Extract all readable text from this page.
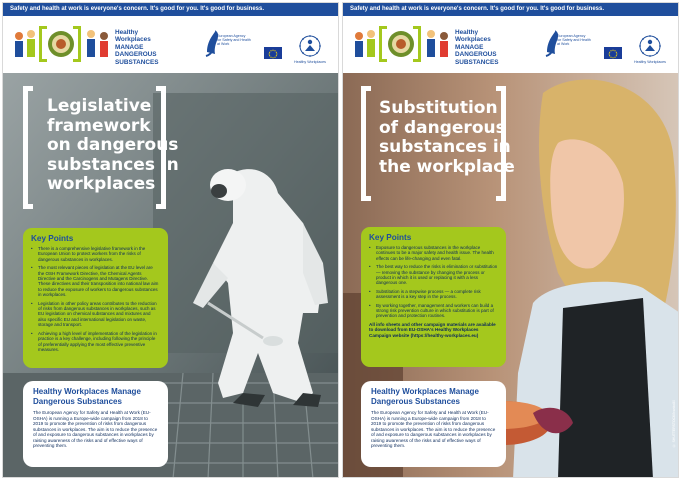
Safety and health at work is everyone's concern. It's good for you. It's good for business.
Healthy
Workplaces
MANAGE
DANGEROUS
SUBSTANCES
European Agency
for Safety and Health
at Work
Healthy Workplaces
Legislative
framework
on dangerous
substances in
workplaces
Key Points
• There is a comprehensive legislative framework in the European Union to protect workers from the risks of dangerous substances in workplaces.
• The most relevant pieces of legislation at the EU level are the OSH Framework Directive, the Chemical Agents Directive and the Carcinogens and Mutagens Directive. These directives and their transposition into national law aim to reduce the exposure of workers to dangerous substances in workplaces.
• Legislation in other policy areas contributes to the reduction of risks from dangerous substances in workplaces, such as EU legislation on chemical substances and mixtures and also specific EU and international legislation on waste, storage and transport.
• Achieving a high level of implementation of the legislation in practice is a key challenge, including following the principle of preferentially applying the most effective preventive measures.
Healthy Workplaces Manage
Dangerous Substances

The European Agency for Safety and Health at Work (EU-OSHA) is running a Europe-wide campaign from 2018 to 2019 to promote the prevention of risks from dangerous substances in workplaces. The aim is to reduce the presence of and exposure to dangerous substances in workplaces by raising awareness of the risks and of effective ways of preventing them.

Safety and health at work is everyone's concern. It's good for you. It's good for business.
Healthy
Workplaces
MANAGE
DANGEROUS
SUBSTANCES
European Agency
for Safety and Health
at Work
Healthy Workplaces
Substitution
of dangerous
substances in
the workplace
Key Points
• Exposure to dangerous substances in the workplace continues to be a major safety and health issue. The health effects can be life-changing and even fatal.
• The best way to reduce the risks is elimination or substitution — removing the substance by changing the process or product in which it is used or replacing it with a less dangerous one.
• Substitution is a stepwise process — a complete risk assessment is a key step in the process.
• By working together, management and workers can build a strong risk prevention culture in which substitution is part of prevention and protection routines.

All info sheets and other campaign materials are available to download from EU-OSHA's Healthy Workplaces Campaign website (https://healthy-workplaces.eu)

Healthy Workplaces Manage
Dangerous Substances

The European Agency for Safety and Health at Work (EU-OSHA) is running a Europe-wide campaign from 2018 to 2019 to promote the prevention of risks from dangerous substances in workplaces. The aim is to reduce the presence of and exposure to dangerous substances in workplaces by raising awareness of the risks and of effective ways of preventing them.	© SHUTTERSTOCK/Ivanko80
